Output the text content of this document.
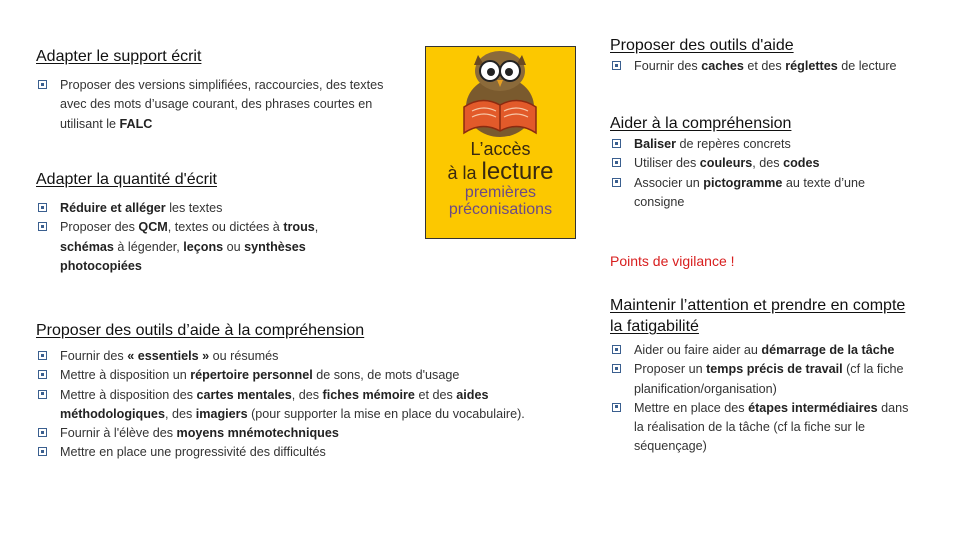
Adapter le support écrit
Proposer des versions simplifiées, raccourcies, des textes avec des mots d’usage courant, des phrases courtes en utilisant le FALC
Adapter la quantité d'écrit
Réduire et alléger les textes
Proposer des QCM, textes ou dictées à trous, schémas à légender, leçons ou synthèses photocopiées
Proposer des outils d’aide à la compréhension
Fournir des « essentiels » ou résumés
Mettre à disposition un répertoire personnel de sons, de mots d'usage
Mettre à disposition des cartes mentales, des fiches mémoire et des aides méthodologiques, des imagiers (pour supporter la mise en place du vocabulaire).
Fournir à l'élève des moyens mnémotechniques
Mettre en place une progressivité des difficultés
L’accès
à la lecture
premières
préconisations
Proposer des outils d'aide
Fournir des caches et des réglettes de lecture
Aider à la compréhension
Baliser de repères concrets
Utiliser des couleurs, des codes
Associer un pictogramme au texte d’une consigne
Points de vigilance !
Maintenir l’attention et prendre en compte la fatigabilité
Aider ou faire aider au démarrage de la tâche
Proposer un temps précis de travail (cf la fiche planification/organisation)
Mettre en place des étapes intermédiaires dans la réalisation de la tâche (cf la fiche sur le séquençage)
